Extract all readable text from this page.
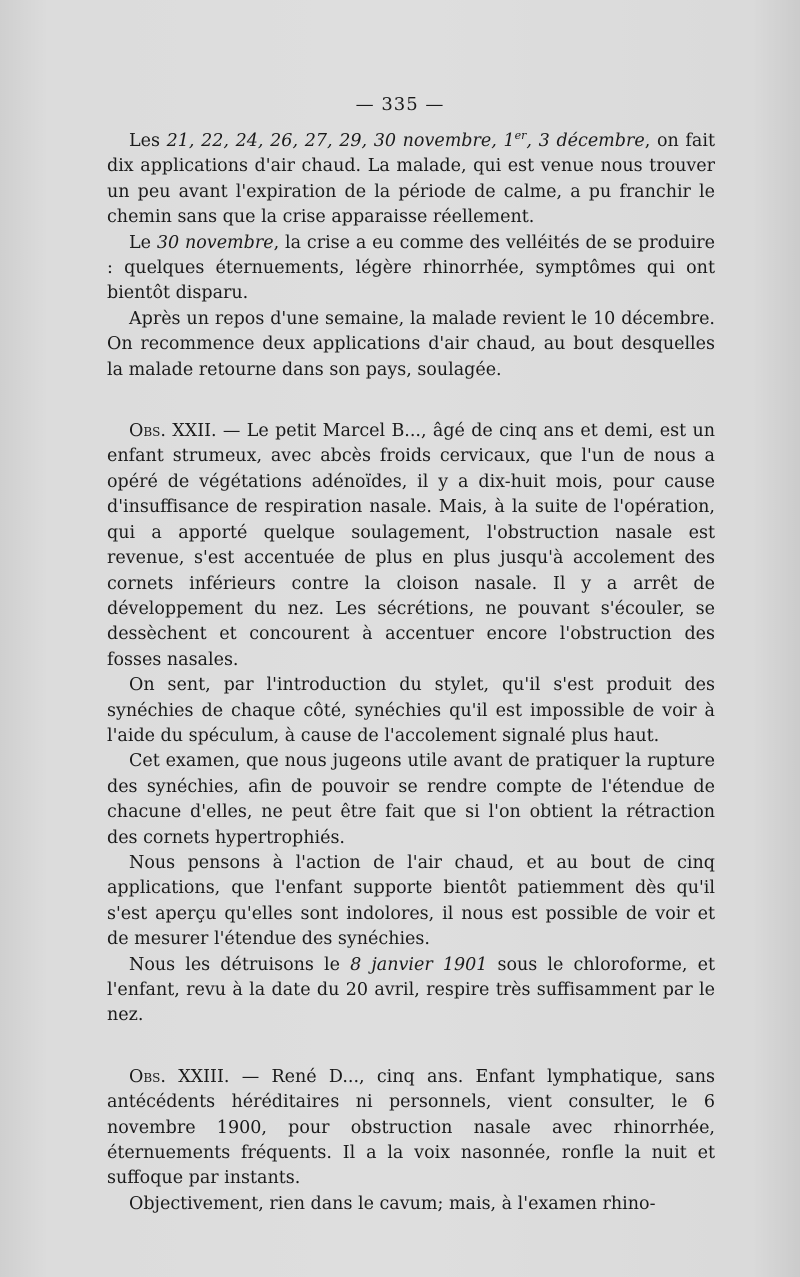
— 335 —

Les 21, 22, 24, 26, 27, 29, 30 novembre, 1er, 3 décembre, on fait dix applications d'air chaud. La malade, qui est venue nous trouver un peu avant l'expiration de la période de calme, a pu franchir le chemin sans que la crise apparaisse réellement.

Le 30 novembre, la crise a eu comme des velléités de se produire : quelques éternuements, légère rhinorrhée, symptômes qui ont bientôt disparu.

Après un repos d'une semaine, la malade revient le 10 décembre. On recommence deux applications d'air chaud, au bout desquelles la malade retourne dans son pays, soulagée.

Obs. XXII. — Le petit Marcel B..., âgé de cinq ans et demi, est un enfant strumeux, avec abcès froids cervicaux, que l'un de nous a opéré de végétations adénoïdes, il y a dix-huit mois, pour cause d'insuffisance de respiration nasale. Mais, à la suite de l'opération, qui a apporté quelque soulagement, l'obstruction nasale est revenue, s'est accentuée de plus en plus jusqu'à accolement des cornets inférieurs contre la cloison nasale. Il y a arrêt de développement du nez. Les sécrétions, ne pouvant s'écouler, se dessèchent et concourent à accentuer encore l'obstruction des fosses nasales.

On sent, par l'introduction du stylet, qu'il s'est produit des synéchies de chaque côté, synéchies qu'il est impossible de voir à l'aide du spéculum, à cause de l'accolement signalé plus haut.

Cet examen, que nous jugeons utile avant de pratiquer la rupture des synéchies, afin de pouvoir se rendre compte de l'étendue de chacune d'elles, ne peut être fait que si l'on obtient la rétraction des cornets hypertrophiés.

Nous pensons à l'action de l'air chaud, et au bout de cinq applications, que l'enfant supporte bientôt patiemment dès qu'il s'est aperçu qu'elles sont indolores, il nous est possible de voir et de mesurer l'étendue des synéchies.

Nous les détruisons le 8 janvier 1901 sous le chloroforme, et l'enfant, revu à la date du 20 avril, respire très suffisamment par le nez.

Obs. XXIII. — René D..., cinq ans. Enfant lymphatique, sans antécédents héréditaires ni personnels, vient consulter, le 6 novembre 1900, pour obstruction nasale avec rhinorrhée, éternuements fréquents. Il a la voix nasonnée, ronfle la nuit et suffoque par instants.

Objectivement, rien dans le cavum; mais, à l'examen rhino-
